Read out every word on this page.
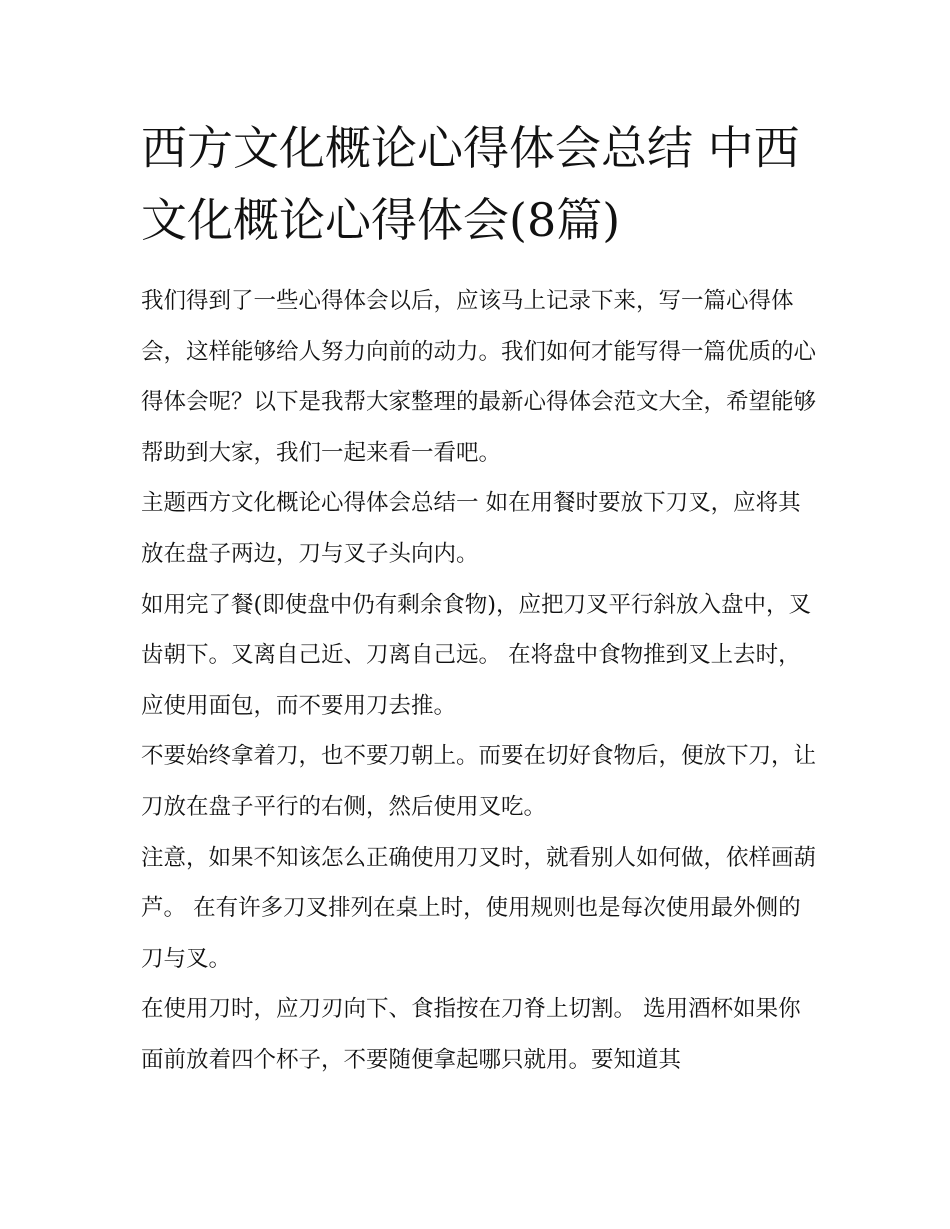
西方文化概论心得体会总结 中西文化概论心得体会(8篇)

我们得到了一些心得体会以后，应该马上记录下来，写一篇心得体会，这样能够给人努力向前的动力。我们如何才能写得一篇优质的心得体会呢？以下是我帮大家整理的最新心得体会范文大全，希望能够帮助到大家，我们一起来看一看吧。

主题西方文化概论心得体会总结一 如在用餐时要放下刀叉，应将其放在盘子两边，刀与叉子头向内。

如用完了餐(即使盘中仍有剩余食物)，应把刀叉平行斜放入盘中，叉齿朝下。叉离自己近、刀离自己远。 在将盘中食物推到叉上去时，应使用面包，而不要用刀去推。

不要始终拿着刀，也不要刀朝上。而要在切好食物后，便放下刀，让刀放在盘子平行的右侧，然后使用叉吃。

注意，如果不知该怎么正确使用刀叉时，就看别人如何做，依样画葫芦。 在有许多刀叉排列在桌上时，使用规则也是每次使用最外侧的刀与叉。

在使用刀时，应刀刃向下、食指按在刀脊上切割。 选用酒杯如果你面前放着四个杯子，不要随便拿起哪只就用。要知道其
